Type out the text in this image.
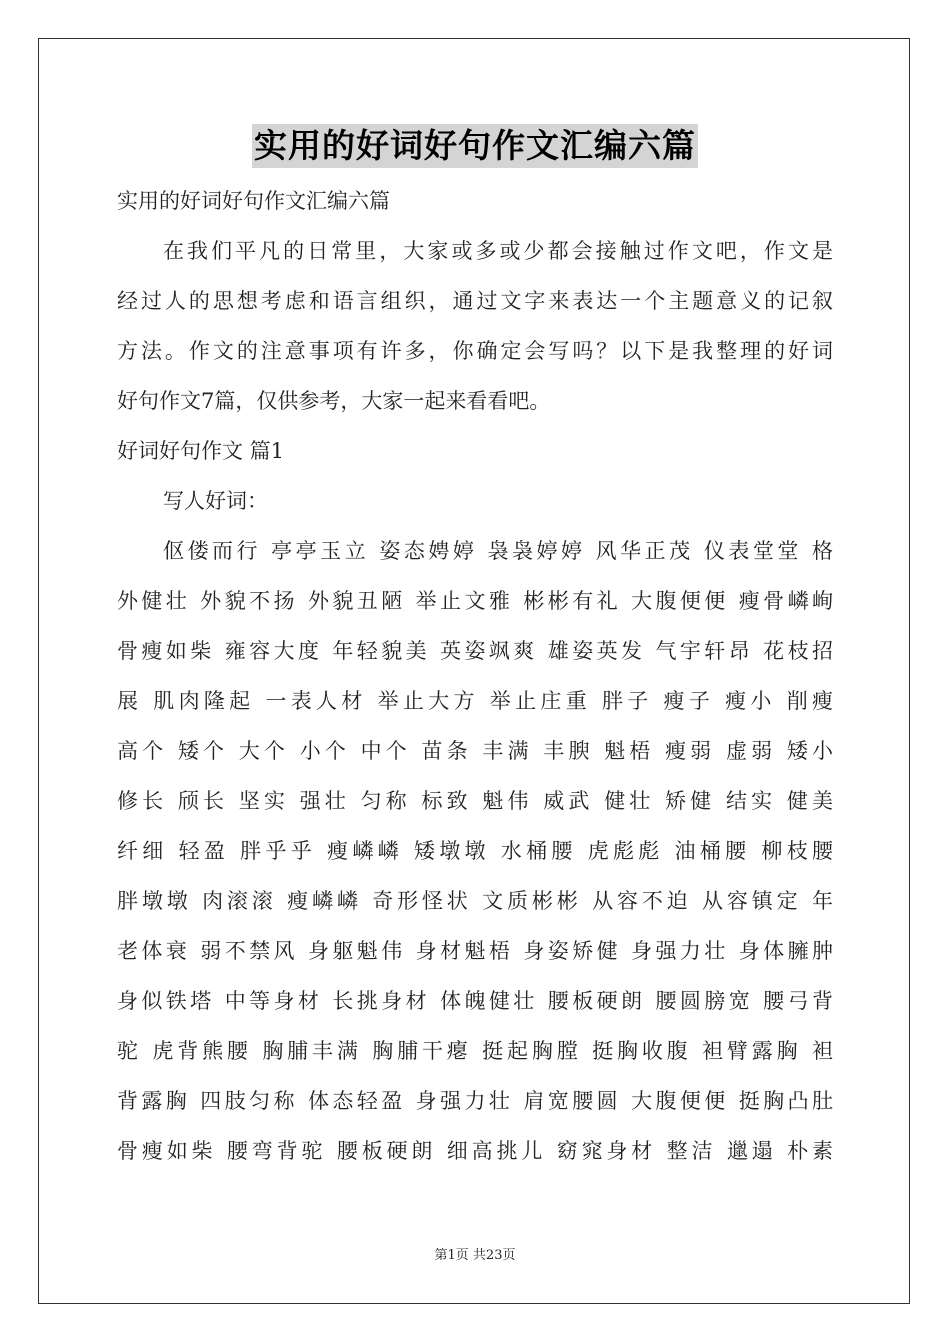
实用的好词好句作文汇编六篇
实用的好词好句作文汇编六篇
在我们平凡的日常里，大家或多或少都会接触过作文吧，作文是
经过人的思想考虑和语言组织，通过文字来表达一个主题意义的记叙
方法。作文的注意事项有许多，你确定会写吗？以下是我整理的好词
好句作文7篇，仅供参考，大家一起来看看吧。
好词好句作文 篇1
写人好词：
伛偻而行 亭亭玉立 姿态娉婷 袅袅婷婷 风华正茂 仪表堂堂 格
外健壮 外貌不扬 外貌丑陋 举止文雅 彬彬有礼 大腹便便 瘦骨嶙峋
骨瘦如柴 雍容大度 年轻貌美 英姿飒爽 雄姿英发 气宇轩昂 花枝招
展 肌肉隆起 一表人材 举止大方 举止庄重 胖子 瘦子 瘦小 削瘦
高个 矮个 大个 小个 中个 苗条 丰满 丰腴 魁梧 瘦弱 虚弱 矮小
修长 颀长 坚实 强壮 匀称 标致 魁伟 威武 健壮 矫健 结实 健美
纤细 轻盈 胖乎乎 瘦嶙嶙 矮墩墩 水桶腰 虎彪彪 油桶腰 柳枝腰
胖墩墩 肉滚滚 瘦嶙嶙 奇形怪状 文质彬彬 从容不迫 从容镇定 年
老体衰 弱不禁风 身躯魁伟 身材魁梧 身姿矫健 身强力壮 身体臃肿
身似铁塔 中等身材 长挑身材 体魄健壮 腰板硬朗 腰圆膀宽 腰弓背
驼 虎背熊腰 胸脯丰满 胸脯干瘪 挺起胸膛 挺胸收腹 袒臂露胸 袒
背露胸 四肢匀称 体态轻盈 身强力壮 肩宽腰圆 大腹便便 挺胸凸肚
骨瘦如柴 腰弯背驼 腰板硬朗 细高挑儿 窈窕身材 整洁 邋遢 朴素
第1页 共23页
